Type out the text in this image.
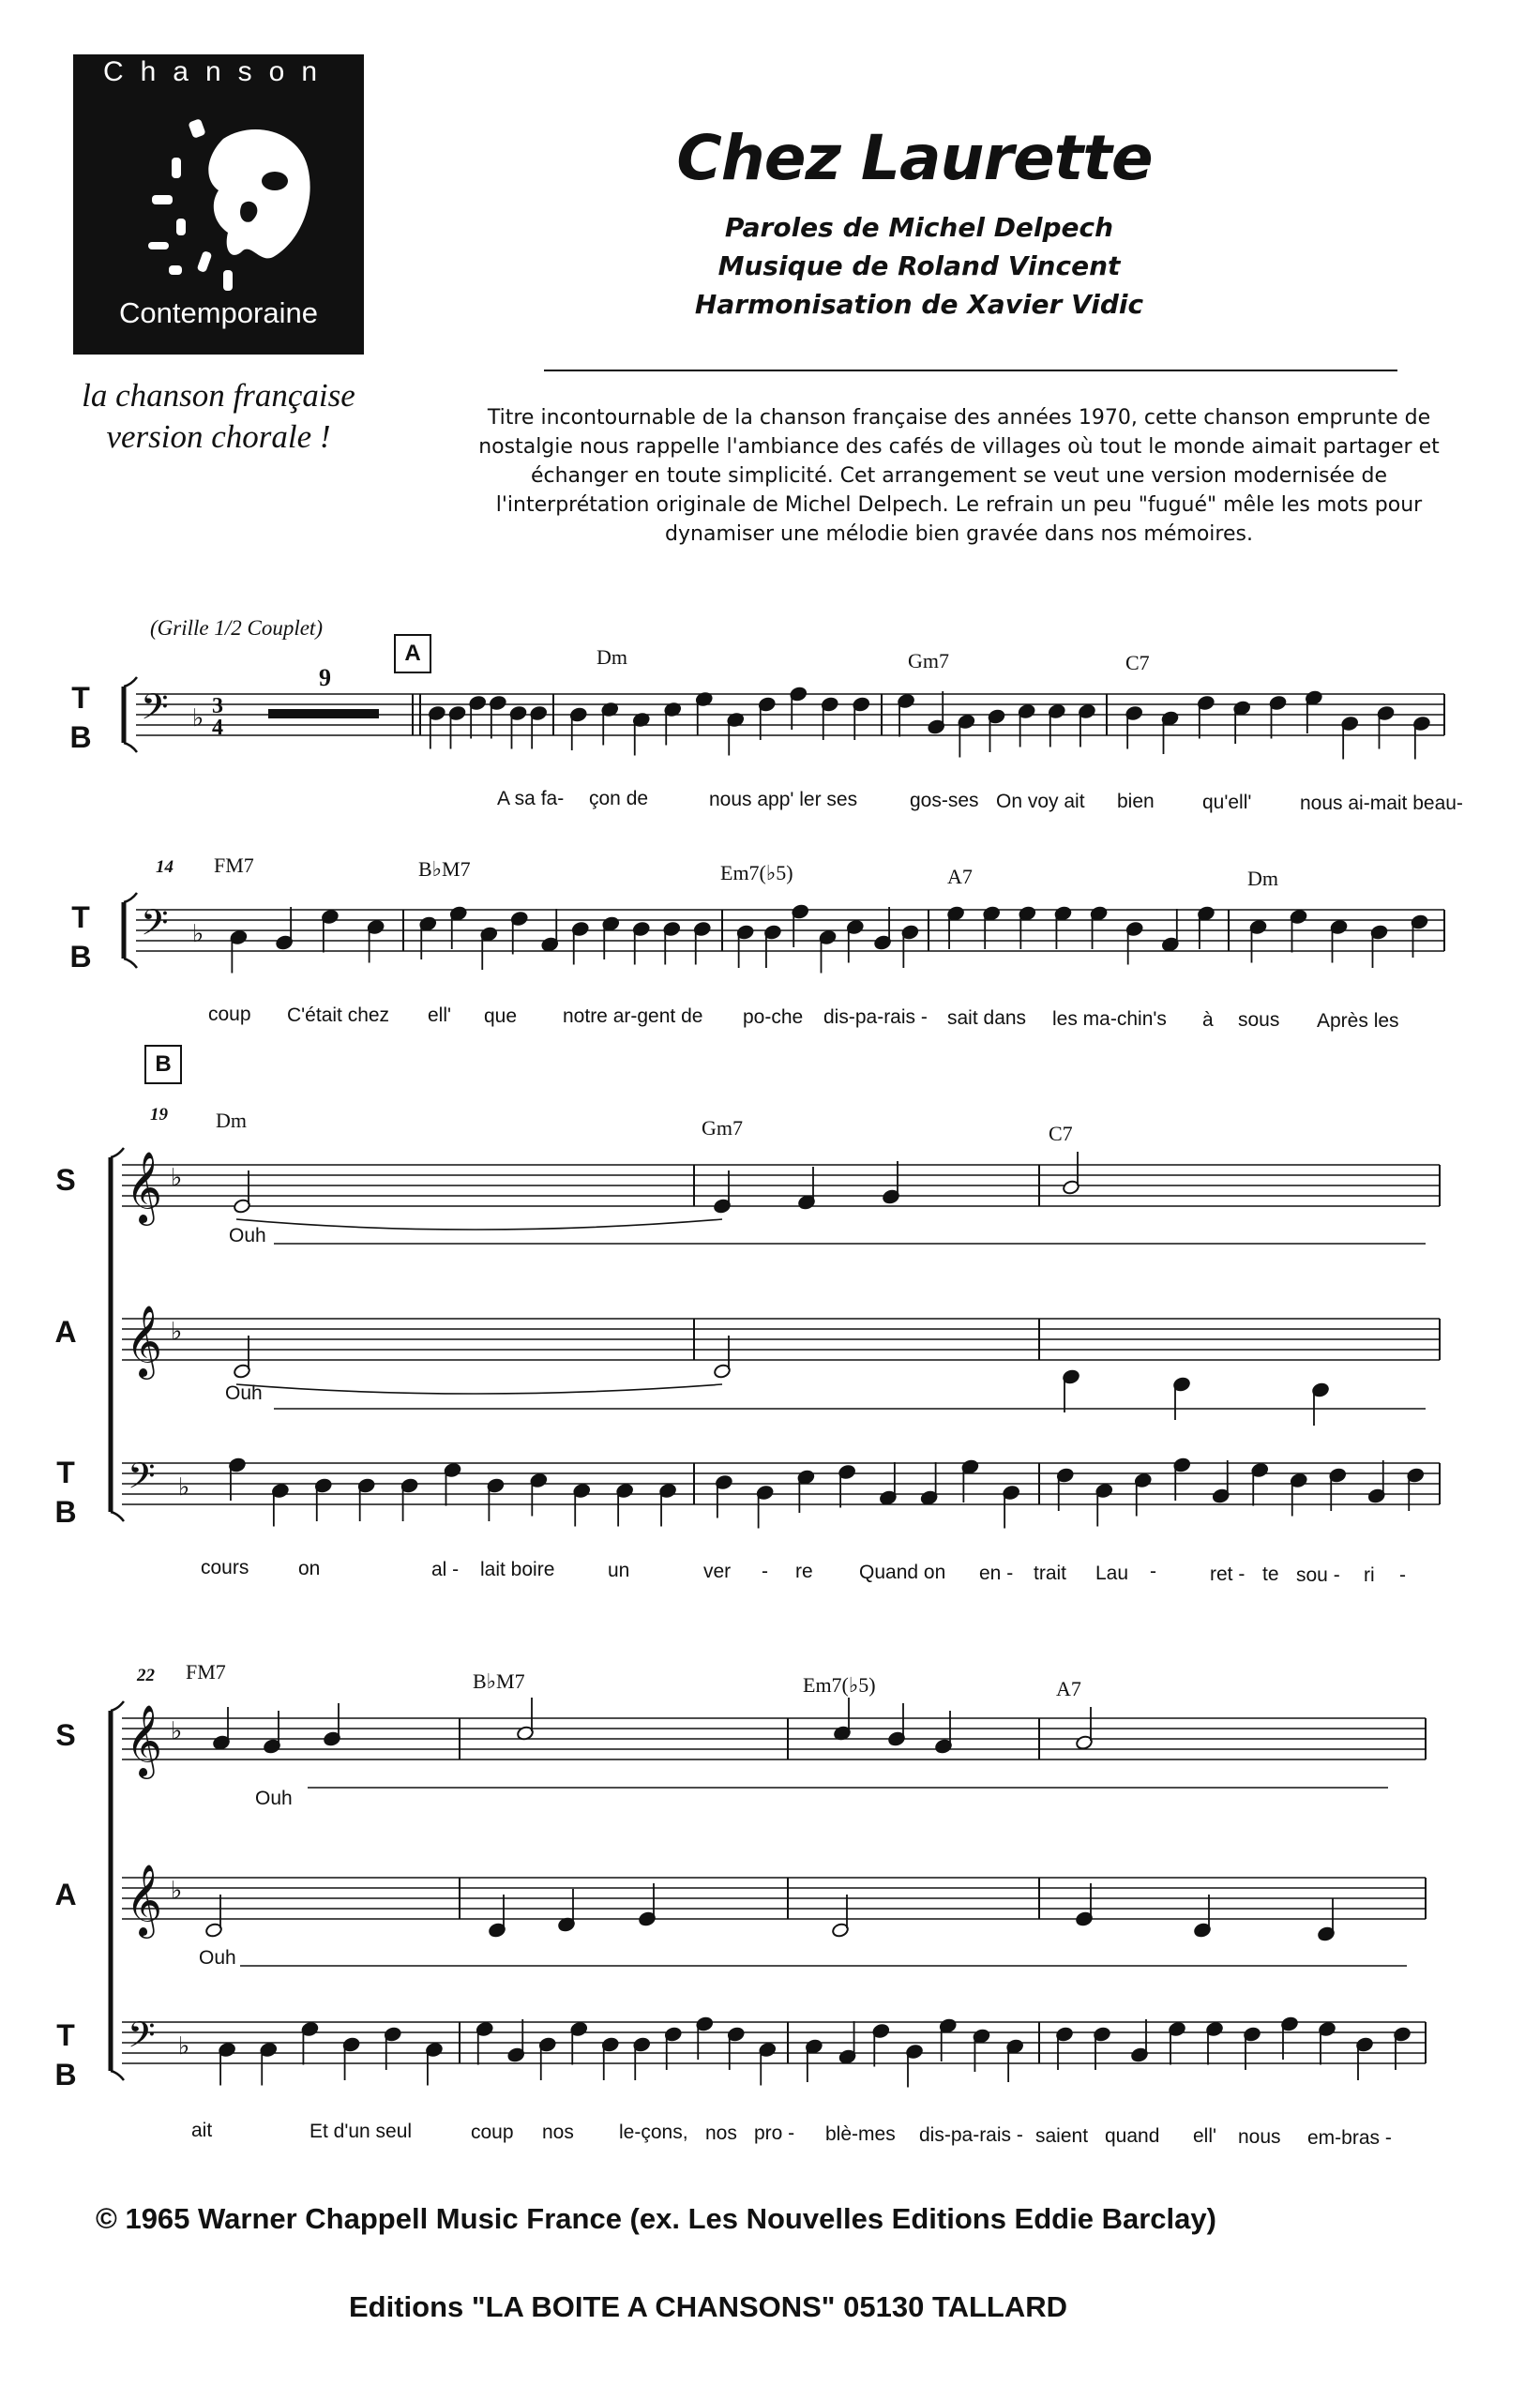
Chanson
Contemporaine
la chanson française
version chorale !
Chez Laurette
Paroles de Michel Delpech
Musique de Roland Vincent
Harmonisation de Xavier Vidic
Titre incontournable de la chanson française des années 1970, cette chanson emprunte de nostalgie nous rappelle l'ambiance des cafés de villages où tout le monde aimait partager et échanger en toute simplicité. Cet arrangement se veut une version modernisée de l'interprétation originale de Michel Delpech. Le refrain un peu "fugué" mêle les mots pour dynamiser une mélodie bien gravée dans nos mémoires.
𝄢 ♭ 3
4
𝄢 ♭
𝄞 ♭
𝄞 ♭
𝄢 ♭
𝄞 ♭
𝄞 ♭
𝄢 ♭
(Grille 1/2 Couplet)
A
B
9
T
B
T
B
S
A
T
B
S
A
T
B
Dm	Gm7	C7
A sa fa- çon de	nous app' ler ses	gos-ses On voy ait bien qu'ell' nous ai-mait beau-
14 FM7	B♭M7	Em7(♭5)	A7	Dm
coup C'était chez ell' que notre ar-gent de po-che dis-pa-rais - sait dans les ma-chin's à sous Après les
19 Dm	Gm7	C7
Ouh
Ouh
cours	on	al - lait boire	un	ver - re Quand on en - trait Lau -	ret - te sou - ri -
22 FM7	B♭M7	Em7(♭5)	A7
Ouh
Ouh
ait	Et d'un seul	coup nos le-çons, nos pro - blè-mes dis-pa-rais - saient quand ell' nous em-bras -
© 1965 Warner Chappell Music France (ex. Les Nouvelles Editions Eddie Barclay)
Editions "LA BOITE A CHANSONS" 05130 TALLARD
